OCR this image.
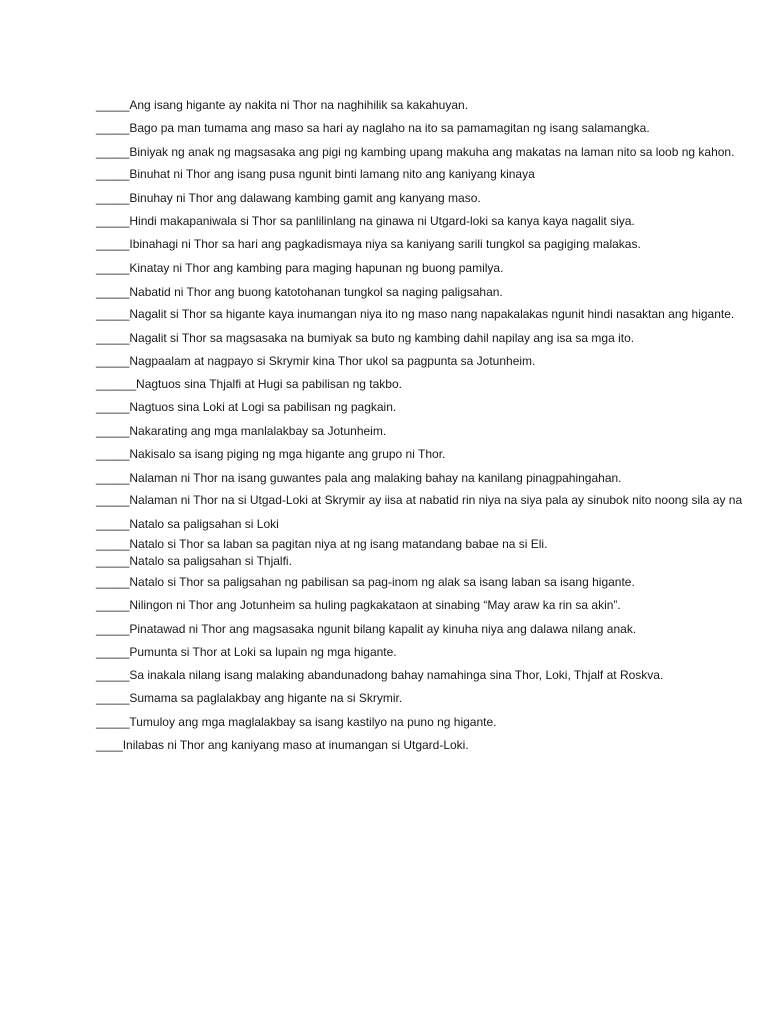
_____Ang isang higante ay nakita ni Thor na naghihilik sa kakahuyan.
_____Bago pa man tumama ang maso sa hari ay naglaho na ito sa pamamagitan ng isang salamangka.
_____Biniyak ng anak ng magsasaka ang pigi ng kambing upang makuha ang makatas na laman nito sa loob ng kahon.
_____Binuhat ni Thor ang isang pusa ngunit binti lamang nito ang kaniyang kinaya
_____Binuhay ni Thor ang dalawang kambing gamit ang kanyang maso.
_____Hindi makapaniwala si Thor sa panlilinlang na ginawa ni Utgard-loki sa kanya kaya nagalit siya.
_____Ibinahagi ni Thor sa hari ang pagkadismaya niya sa kaniyang sarili tungkol sa pagiging malakas.
_____Kinatay ni Thor ang kambing para maging hapunan ng buong pamilya.
_____Nabatid ni Thor ang buong katotohanan tungkol sa naging paligsahan.
_____Nagalit si Thor sa higante kaya inumangan niya ito ng maso nang napakalakas ngunit hindi nasaktan ang higante.
_____Nagalit si Thor sa magsasaka na bumiyak sa buto ng kambing dahil napilay ang isa sa mga ito.
_____Nagpaalam at nagpayo si Skrymir kina Thor ukol sa pagpunta sa Jotunheim.
______Nagtuos sina Thjalfi at Hugi sa pabilisan ng takbo.
_____Nagtuos sina Loki at Logi sa pabilisan ng pagkain.
_____Nakarating ang mga manlalakbay sa Jotunheim.
_____Nakisalo sa isang piging ng mga higante ang grupo ni Thor.
_____Nalaman ni Thor na isang guwantes pala ang malaking bahay na kanilang pinagpahingahan.
_____Nalaman ni Thor na si Utgad-Loki at Skrymir ay iisa at nabatid rin niya na siya pala ay sinubok nito noong sila ay na
_____Natalo sa paligsahan si Loki
_____Natalo si Thor sa laban sa pagitan niya at ng isang matandang babae na si Eli.
_____Natalo sa paligsahan si Thjalfi.
_____Natalo si Thor sa paligsahan ng pabilisan sa pag-inom ng alak sa isang laban sa isang higante.
_____Nilingon ni Thor ang Jotunheim sa huling pagkakataon at sinabing “May araw ka rin sa akin”.
_____Pinatawad ni Thor ang magsasaka ngunit bilang kapalit ay kinuha niya ang dalawa nilang anak.
_____Pumunta si Thor at Loki sa lupain ng mga higante.
_____Sa inakala nilang isang malaking abandunadong bahay namahinga sina Thor, Loki, Thjalf at Roskva.
_____Sumama sa paglalakbay ang higante na si Skrymir.
_____Tumuloy ang mga maglalakbay sa isang kastilyo na puno ng higante.
____Inilabas ni Thor ang kaniyang maso at inumangan si Utgard-Loki.
